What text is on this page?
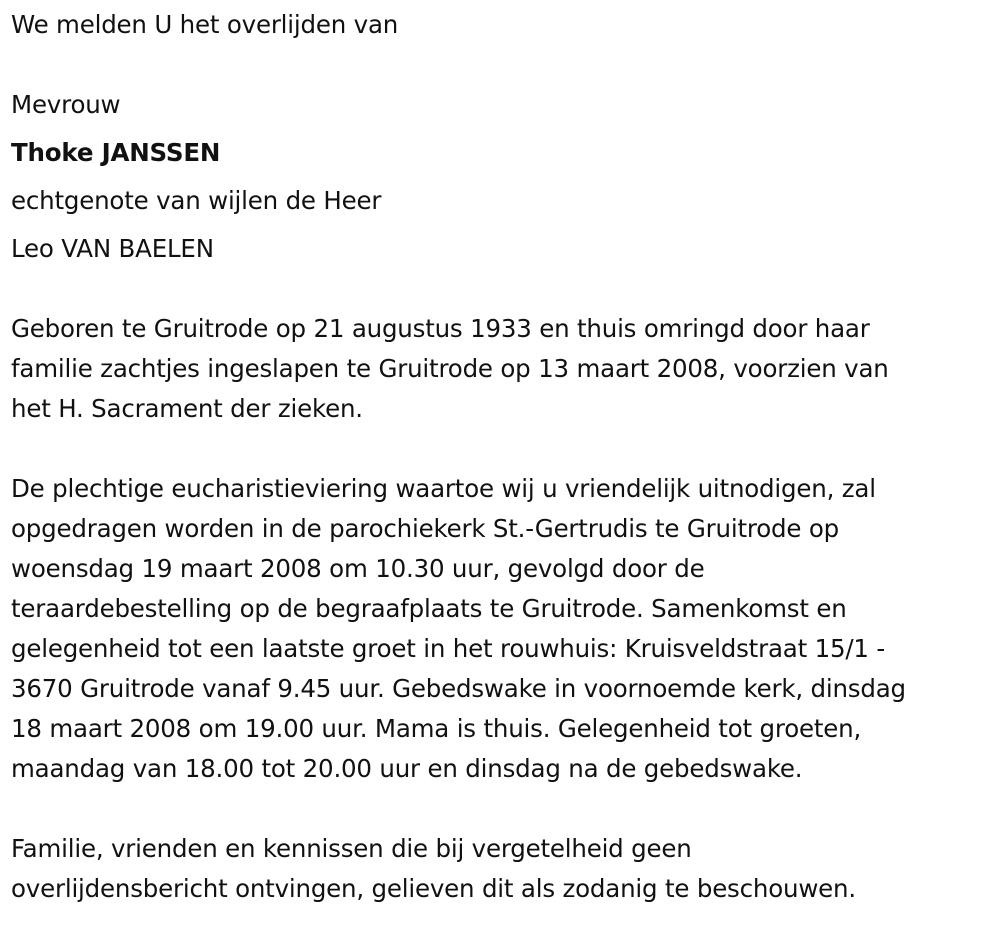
We melden U het overlijden van
Mevrouw
Thoke JANSSEN
echtgenote van wijlen de Heer
Leo VAN BAELEN
Geboren te Gruitrode op 21 augustus 1933 en thuis omringd door haar
familie zachtjes ingeslapen te Gruitrode op 13 maart 2008, voorzien van
het H. Sacrament der zieken.
De plechtige eucharistieviering waartoe wij u vriendelijk uitnodigen, zal
opgedragen worden in de parochiekerk St.-Gertrudis te Gruitrode op
woensdag 19 maart 2008 om 10.30 uur, gevolgd door de
teraardebestelling op de begraafplaats te Gruitrode. Samenkomst en
gelegenheid tot een laatste groet in het rouwhuis: Kruisveldstraat 15/1 -
3670 Gruitrode vanaf 9.45 uur. Gebedswake in voornoemde kerk, dinsdag
18 maart 2008 om 19.00 uur. Mama is thuis. Gelegenheid tot groeten,
maandag van 18.00 tot 20.00 uur en dinsdag na de gebedswake.
Familie, vrienden en kennissen die bij vergetelheid geen
overlijdensbericht ontvingen, gelieven dit als zodanig te beschouwen.
